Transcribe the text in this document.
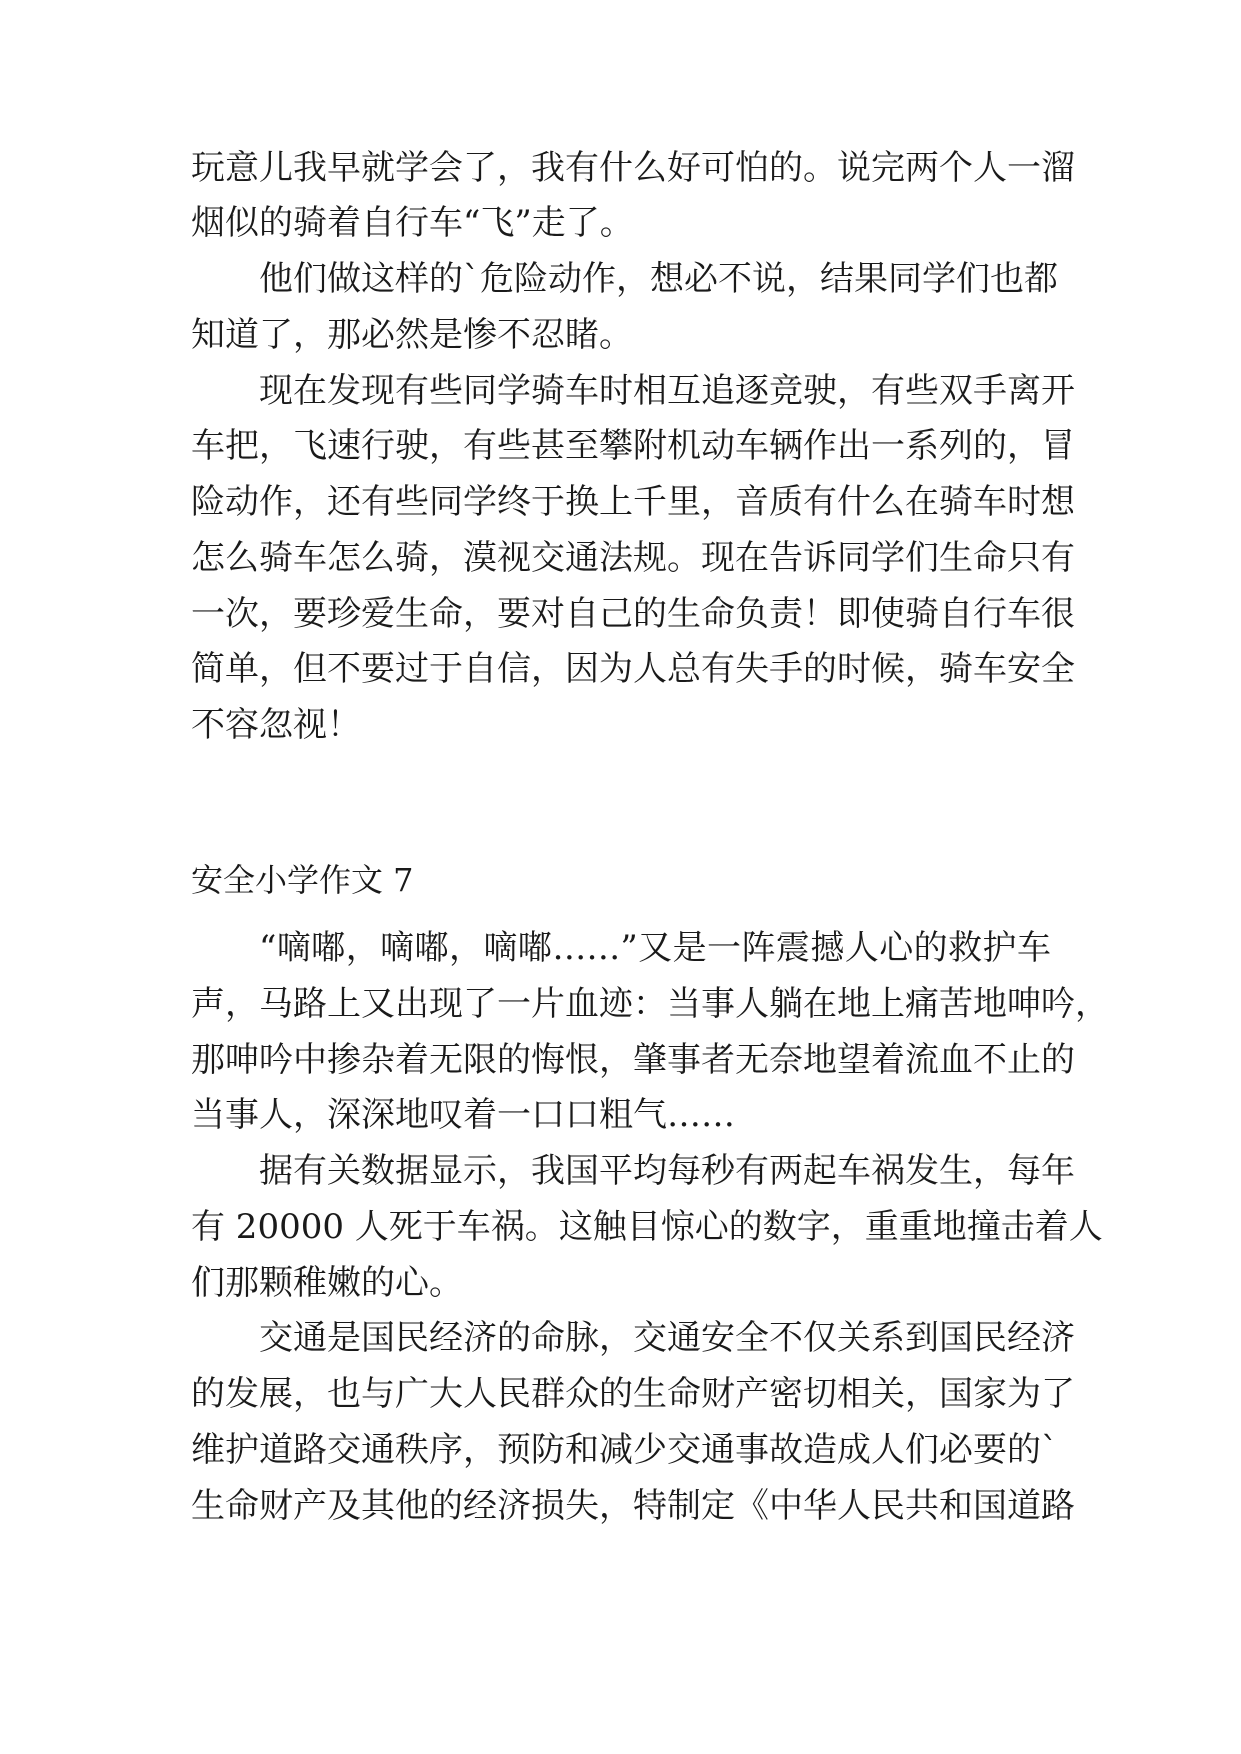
玩意儿我早就学会了，我有什么好可怕的。说完两个人一溜

烟似的骑着自行车“飞”走了。

他们做这样的`危险动作，想必不说，结果同学们也都

知道了，那必然是惨不忍睹。

现在发现有些同学骑车时相互追逐竞驶，有些双手离开

车把，飞速行驶，有些甚至攀附机动车辆作出一系列的，冒

险动作，还有些同学终于换上千里，音质有什么在骑车时想

怎么骑车怎么骑，漠视交通法规。现在告诉同学们生命只有

一次，要珍爱生命，要对自己的生命负责！即使骑自行车很

简单，但不要过于自信，因为人总有失手的时候，骑车安全

不容忽视！

安全小学作文 7

“嘀嘟，嘀嘟，嘀嘟……”又是一阵震撼人心的救护车

声，马路上又出现了一片血迹：当事人躺在地上痛苦地呻吟，

那呻吟中掺杂着无限的悔恨，肇事者无奈地望着流血不止的

当事人，深深地叹着一口口粗气……

据有关数据显示，我国平均每秒有两起车祸发生，每年

有 20000 人死于车祸。这触目惊心的数字，重重地撞击着人

们那颗稚嫩的心。

交通是国民经济的命脉，交通安全不仅关系到国民经济

的发展，也与广大人民群众的生命财产密切相关，国家为了

维护道路交通秩序，预防和减少交通事故造成人们必要的`

生命财产及其他的经济损失，特制定《中华人民共和国道路
